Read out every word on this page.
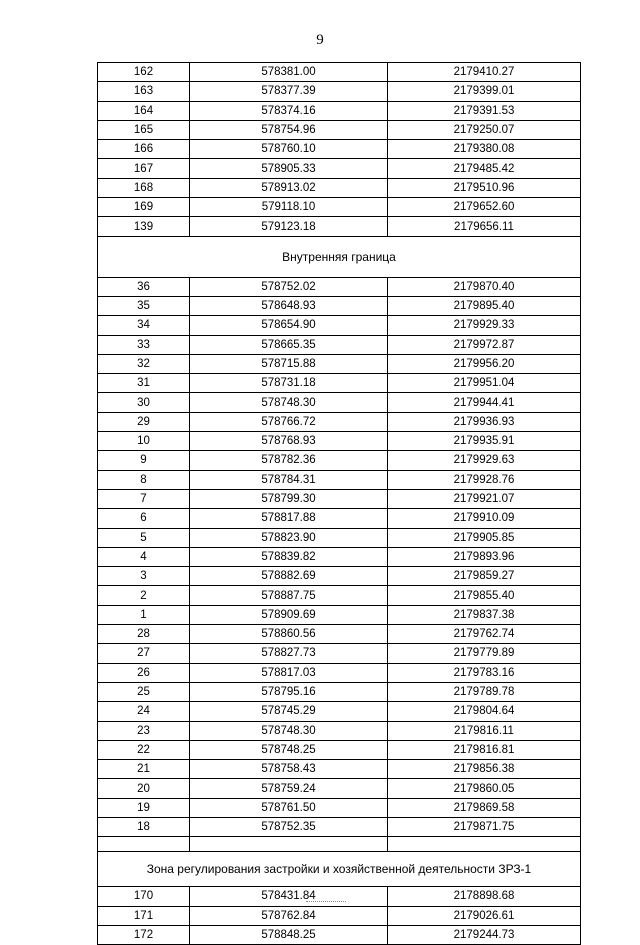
9
162	578381.00	2179410.27
163	578377.39	2179399.01
164	578374.16	2179391.53
165	578754.96	2179250.07
166	578760.10	2179380.08
167	578905.33	2179485.42
168	578913.02	2179510.96
169	579118.10	2179652.60
139	579123.18	2179656.11
Внутренняя граница		
36	578752.02	2179870.40
35	578648.93	2179895.40
34	578654.90	2179929.33
33	578665.35	2179972.87
32	578715.88	2179956.20
31	578731.18	2179951.04
30	578748.30	2179944.41
29	578766.72	2179936.93
10	578768.93	2179935.91
9	578782.36	2179929.63
8	578784.31	2179928.76
7	578799.30	2179921.07
6	578817.88	2179910.09
5	578823.90	2179905.85
4	578839.82	2179893.96
3	578882.69	2179859.27
2	578887.75	2179855.40
1	578909.69	2179837.38
28	578860.56	2179762.74
27	578827.73	2179779.89
26	578817.03	2179783.16
25	578795.16	2179789.78
24	578745.29	2179804.64
23	578748.30	2179816.11
22	578748.25	2179816.81
21	578758.43	2179856.38
20	578759.24	2179860.05
19	578761.50	2179869.58
18	578752.35	2179871.75

Зона регулирования застройки и хозяйственной деятельности ЗРЗ-1		
170	578431.84	2178898.68
171	578762.84	2179026.61
172	578848.25	2179244.73
